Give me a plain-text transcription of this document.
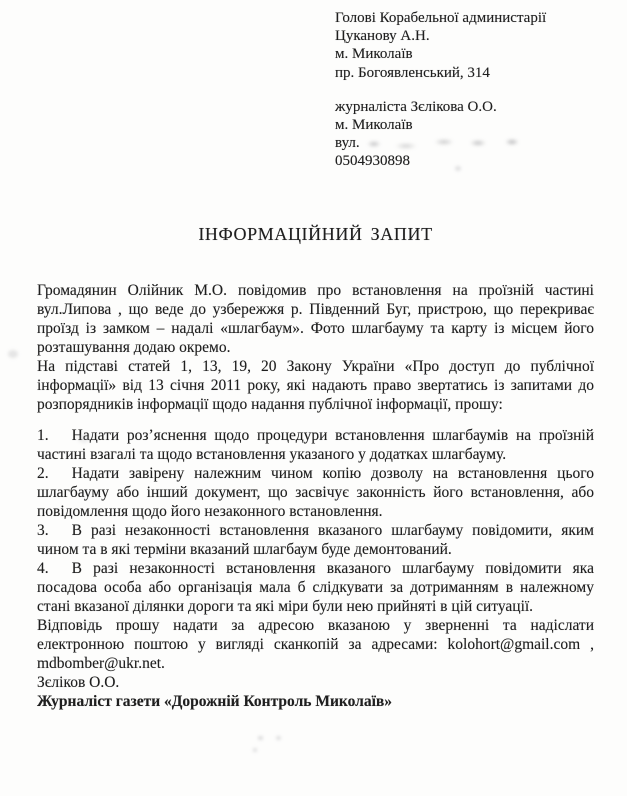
Голові Корабельної администарії
Цуканову А.Н.
м. Миколаїв
пр. Богоявленський, 314
журналіста Зєлікова О.О.
м. Миколаїв
вул.
0504930898
ІНФОРМАЦІЙНИЙ ЗАПИТ

Громадянин Олійник М.О. повідомив про встановлення на проїзній частині вул.Липова , що веде до узбережжя р. Південний Буг, пристрою, що перекриває проїзд із замком – надалі «шлагбаум». Фото шлагбауму та карту із місцем його розташування додаю окремо.

На підставі статей 1, 13, 19, 20 Закону України «Про доступ до публічної інформації» від 13 січня 2011 року, які надають право звертатись із запитами до розпорядників інформації щодо надання публічної інформації, прошу:

1. Надати роз’яснення щодо процедури встановлення шлагбаумів на проїзній частині взагалі та щодо встановлення указаного у додатках шлагбауму.

2. Надати завірену належним чином копію дозволу на встановлення цього шлагбауму або інший документ, що засвічує законність його встановлення, або повідомлення щодо його незаконного встановлення.

3. В разі незаконності встановлення вказаного шлагбауму повідомити, яким чином та в які терміни вказаний шлагбаум буде демонтований.

4. В разі незаконності встановлення вказаного шлагбауму повідомити яка посадова особа або організація мала б слідкувати за дотриманням в належному стані вказаної ділянки дороги та які міри були нею прийняті в цій ситуації.

Відповідь прошу надати за адресою вказаною у зверненні та надіслати електронною поштою у вигляді сканкопій за адресами: kolohort@gmail.com , mdbomber@ukr.net.

Зєліков О.О.

Журналіст газети «Дорожній Контроль Миколаїв»
